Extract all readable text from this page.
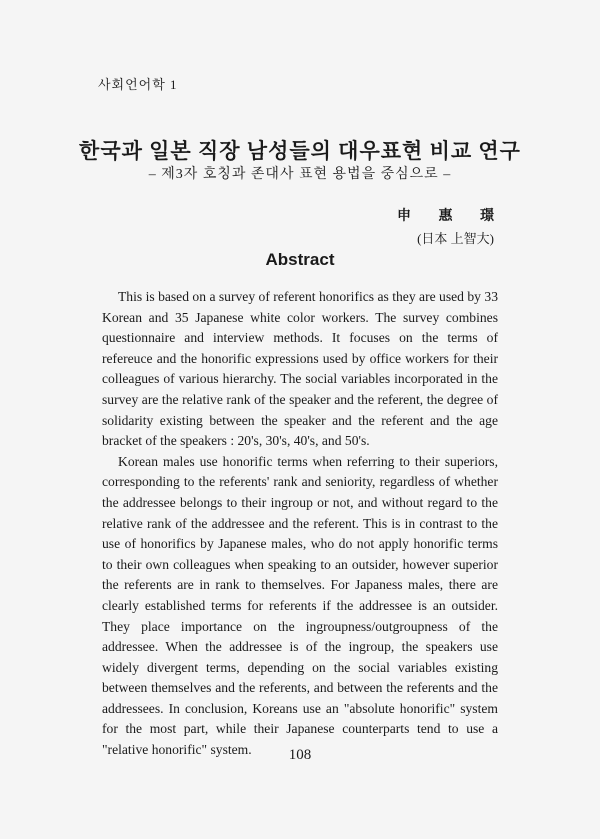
사회언어학 1
한국과 일본 직장 남성들의 대우표현 비교 연구
– 제3자 호칭과 존대사 표현 용법을 중심으로 –
申 惠 璟
(日本 上智大)
Abstract

This is based on a survey of referent honorifics as they are used by 33 Korean and 35 Japanese white color workers. The survey combines questionnaire and interview methods. It focuses on the terms of refereuce and the honorific expressions used by office workers for their colleagues of various hierarchy. The social variables incorporated in the survey are the relative rank of the speaker and the referent, the degree of solidarity existing between the speaker and the referent and the age bracket of the speakers : 20's, 30's, 40's, and 50's.

Korean males use honorific terms when referring to their superiors, corresponding to the referents' rank and seniority, regardless of whether the addressee belongs to their ingroup or not, and without regard to the relative rank of the addressee and the referent. This is in contrast to the use of honorifics by Japanese males, who do not apply honorific terms to their own colleagues when speaking to an outsider, however superior the referents are in rank to themselves. For Japaness males, there are clearly established terms for referents if the addressee is an outsider. They place importance on the ingroupness/outgroupness of the addressee. When the addressee is of the ingroup, the speakers use widely divergent terms, depending on the social variables existing between themselves and the referents, and between the referents and the addressees. In conclusion, Koreans use an "absolute honorific" system for the most part, while their Japanese counterparts tend to use a "relative honorific" system.	108
